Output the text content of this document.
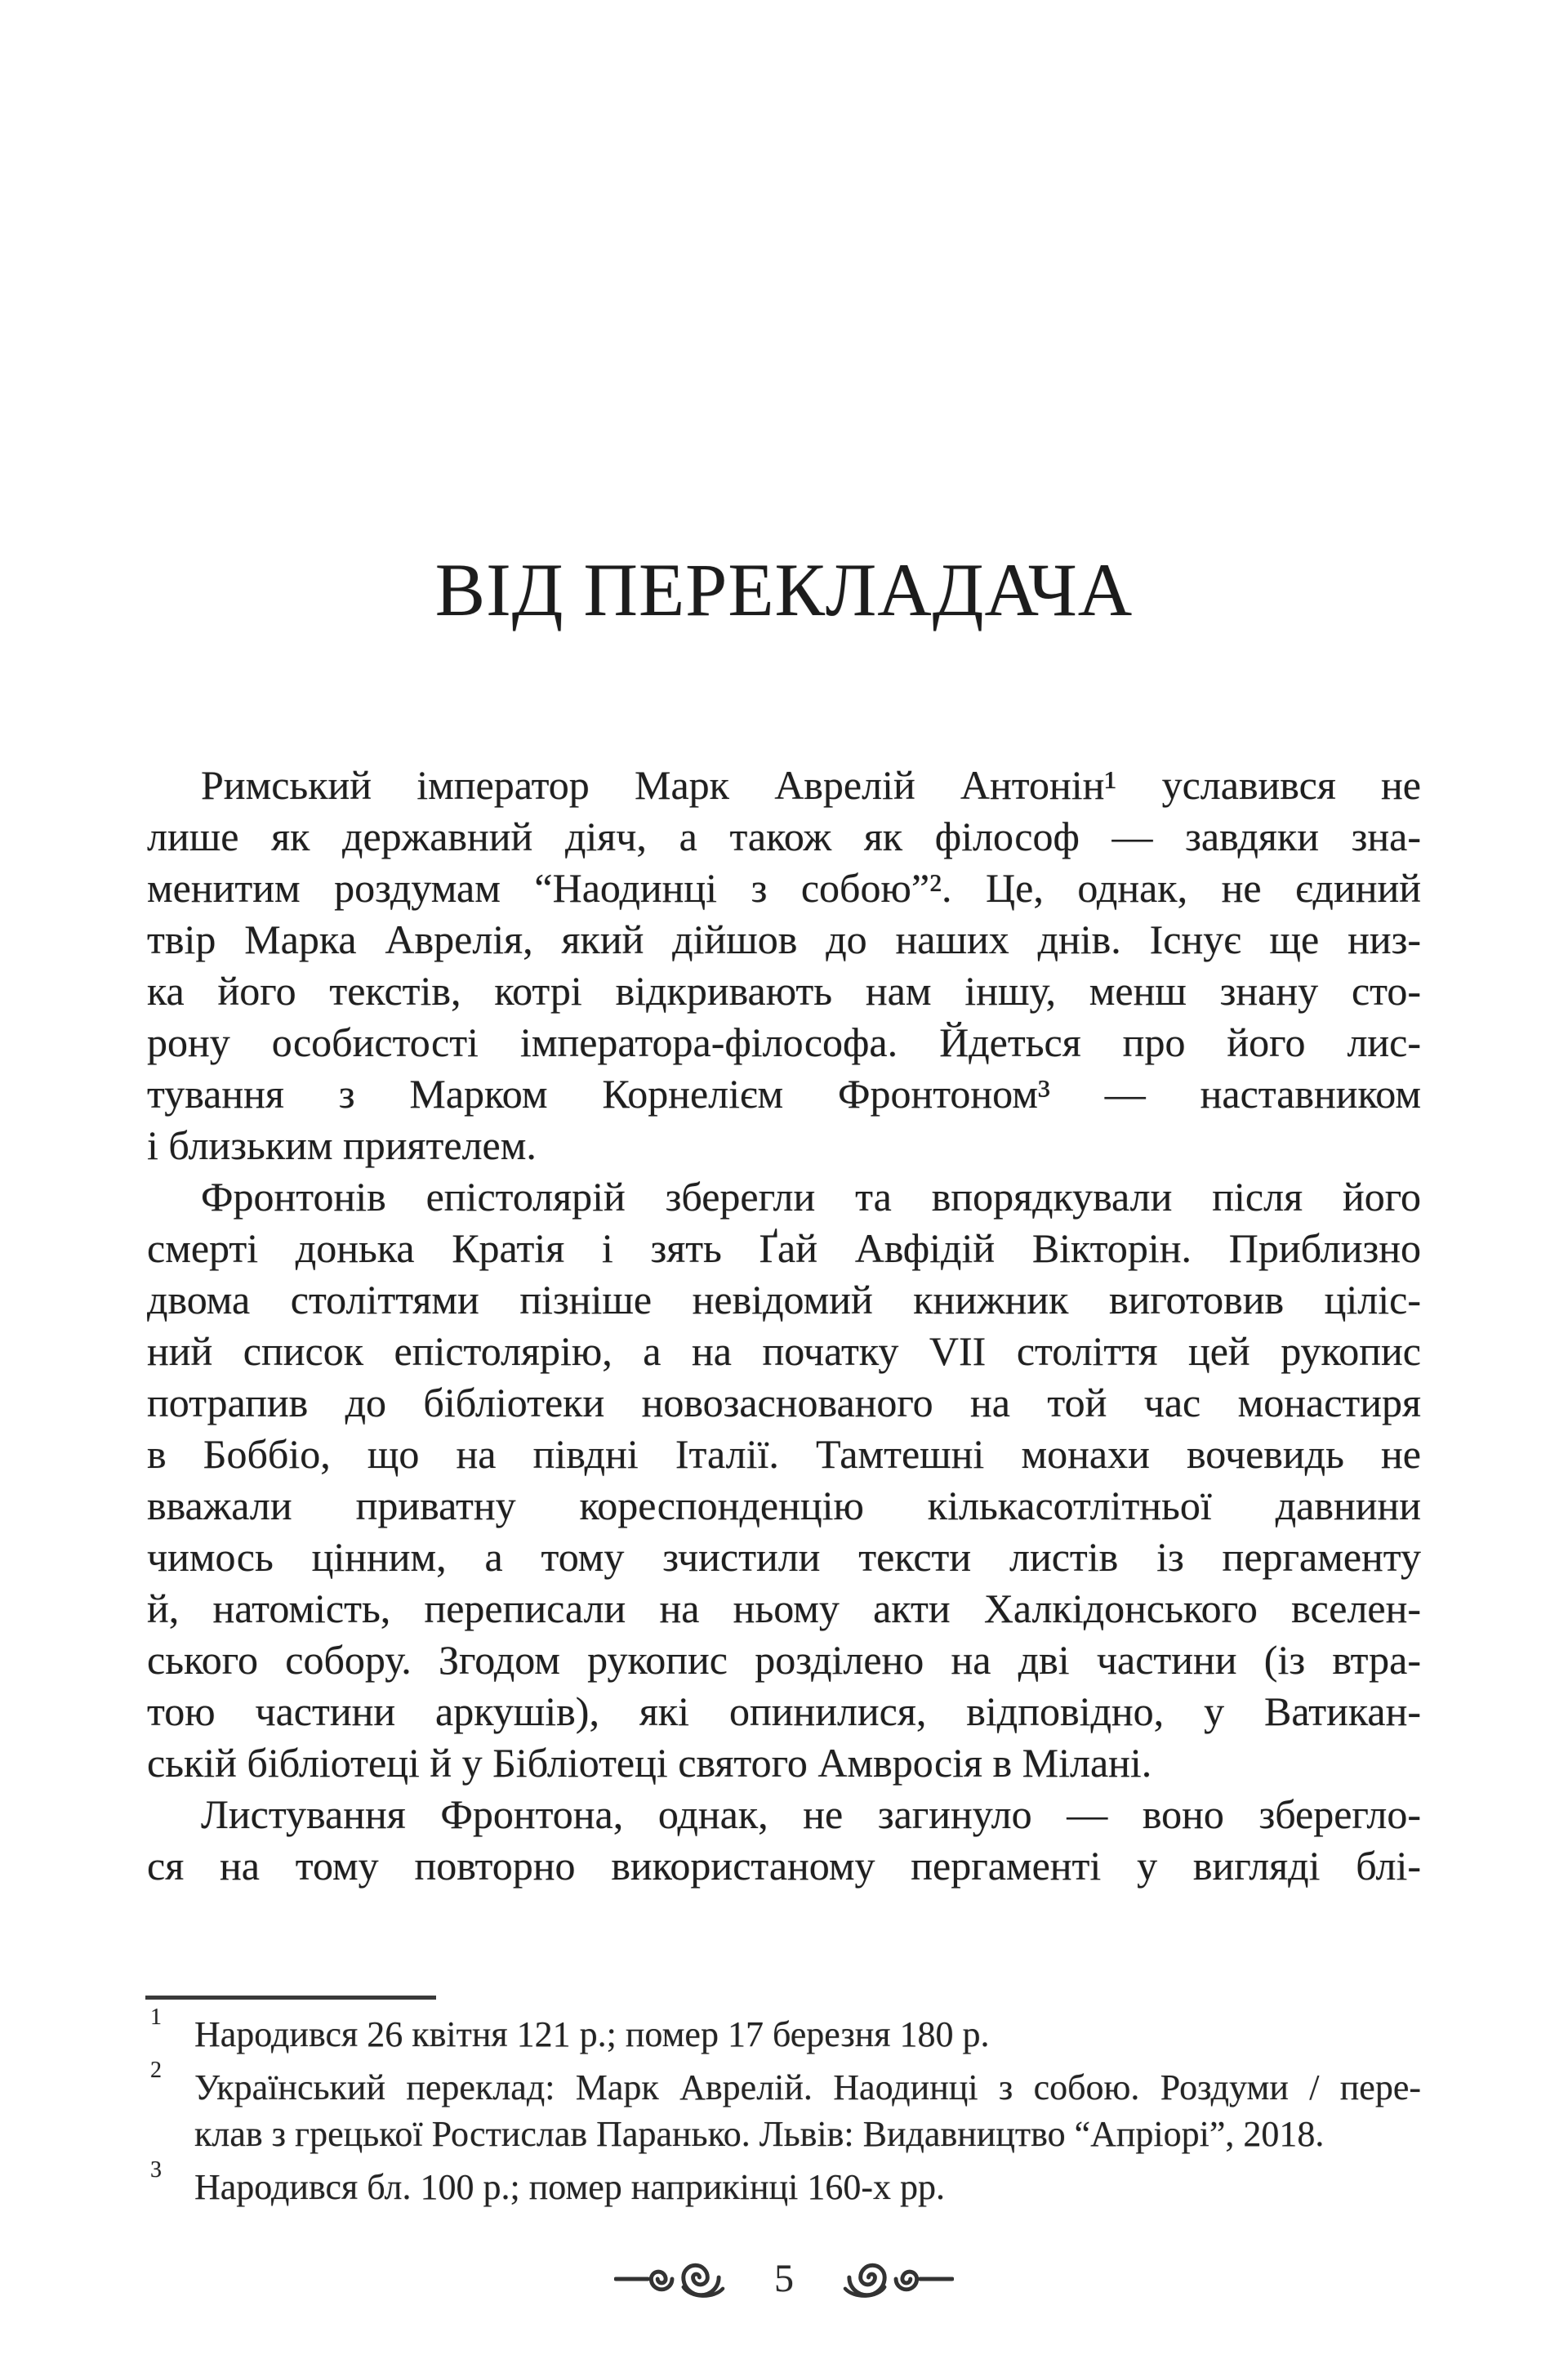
ВІД ПЕРЕКЛАДАЧА
Римський імператор Марк Аврелій Антонін¹ уславився не
лише як державний діяч, а також як філософ — завдяки зна-
менитим роздумам “Наодинці з собою”². Це, однак, не єдиний
твір Марка Аврелія, який дійшов до наших днів. Існує ще низ-
ка його текстів, котрі відкривають нам іншу, менш знану сто-
рону особистості імператора-філософа. Йдеться про його лис-
тування з Марком Корнелієм Фронтоном³ — наставником
і близьким приятелем.
Фронтонів епістолярій зберегли та впорядкували після його
смерті донька Кратія і зять Ґай Авфідій Вікторін. Приблизно
двома століттями пізніше невідомий книжник виготовив ціліс-
ний список епістолярію, а на початку VII століття цей рукопис
потрапив до бібліотеки новозаснованого на той час монастиря
в Боббіо, що на півдні Італії. Тамтешні монахи вочевидь не
вважали приватну кореспонденцію кількасотлітньої давнини
чимось цінним, а тому зчистили тексти листів із пергаменту
й, натомість, переписали на ньому акти Халкідонського вселен-
ського собору. Згодом рукопис розділено на дві частини (із втра-
тою частини аркушів), які опинилися, відповідно, у Ватикан-
ській бібліотеці й у Бібліотеці святого Амвросія в Мілані.
Листування Фронтона, однак, не загинуло — воно зберегло-
ся на тому повторно використаному пергаменті у вигляді блі-
1 Народився 26 квітня 121 р.; помер 17 березня 180 р.
2 Український переклад: Марк Аврелій. Наодинці з собою. Роздуми / пере-
клав з грецької Ростислав Паранько. Львів: Видавництво “Апріорі”, 2018.
3 Народився бл. 100 р.; помер наприкінці 160-х рр.
5
